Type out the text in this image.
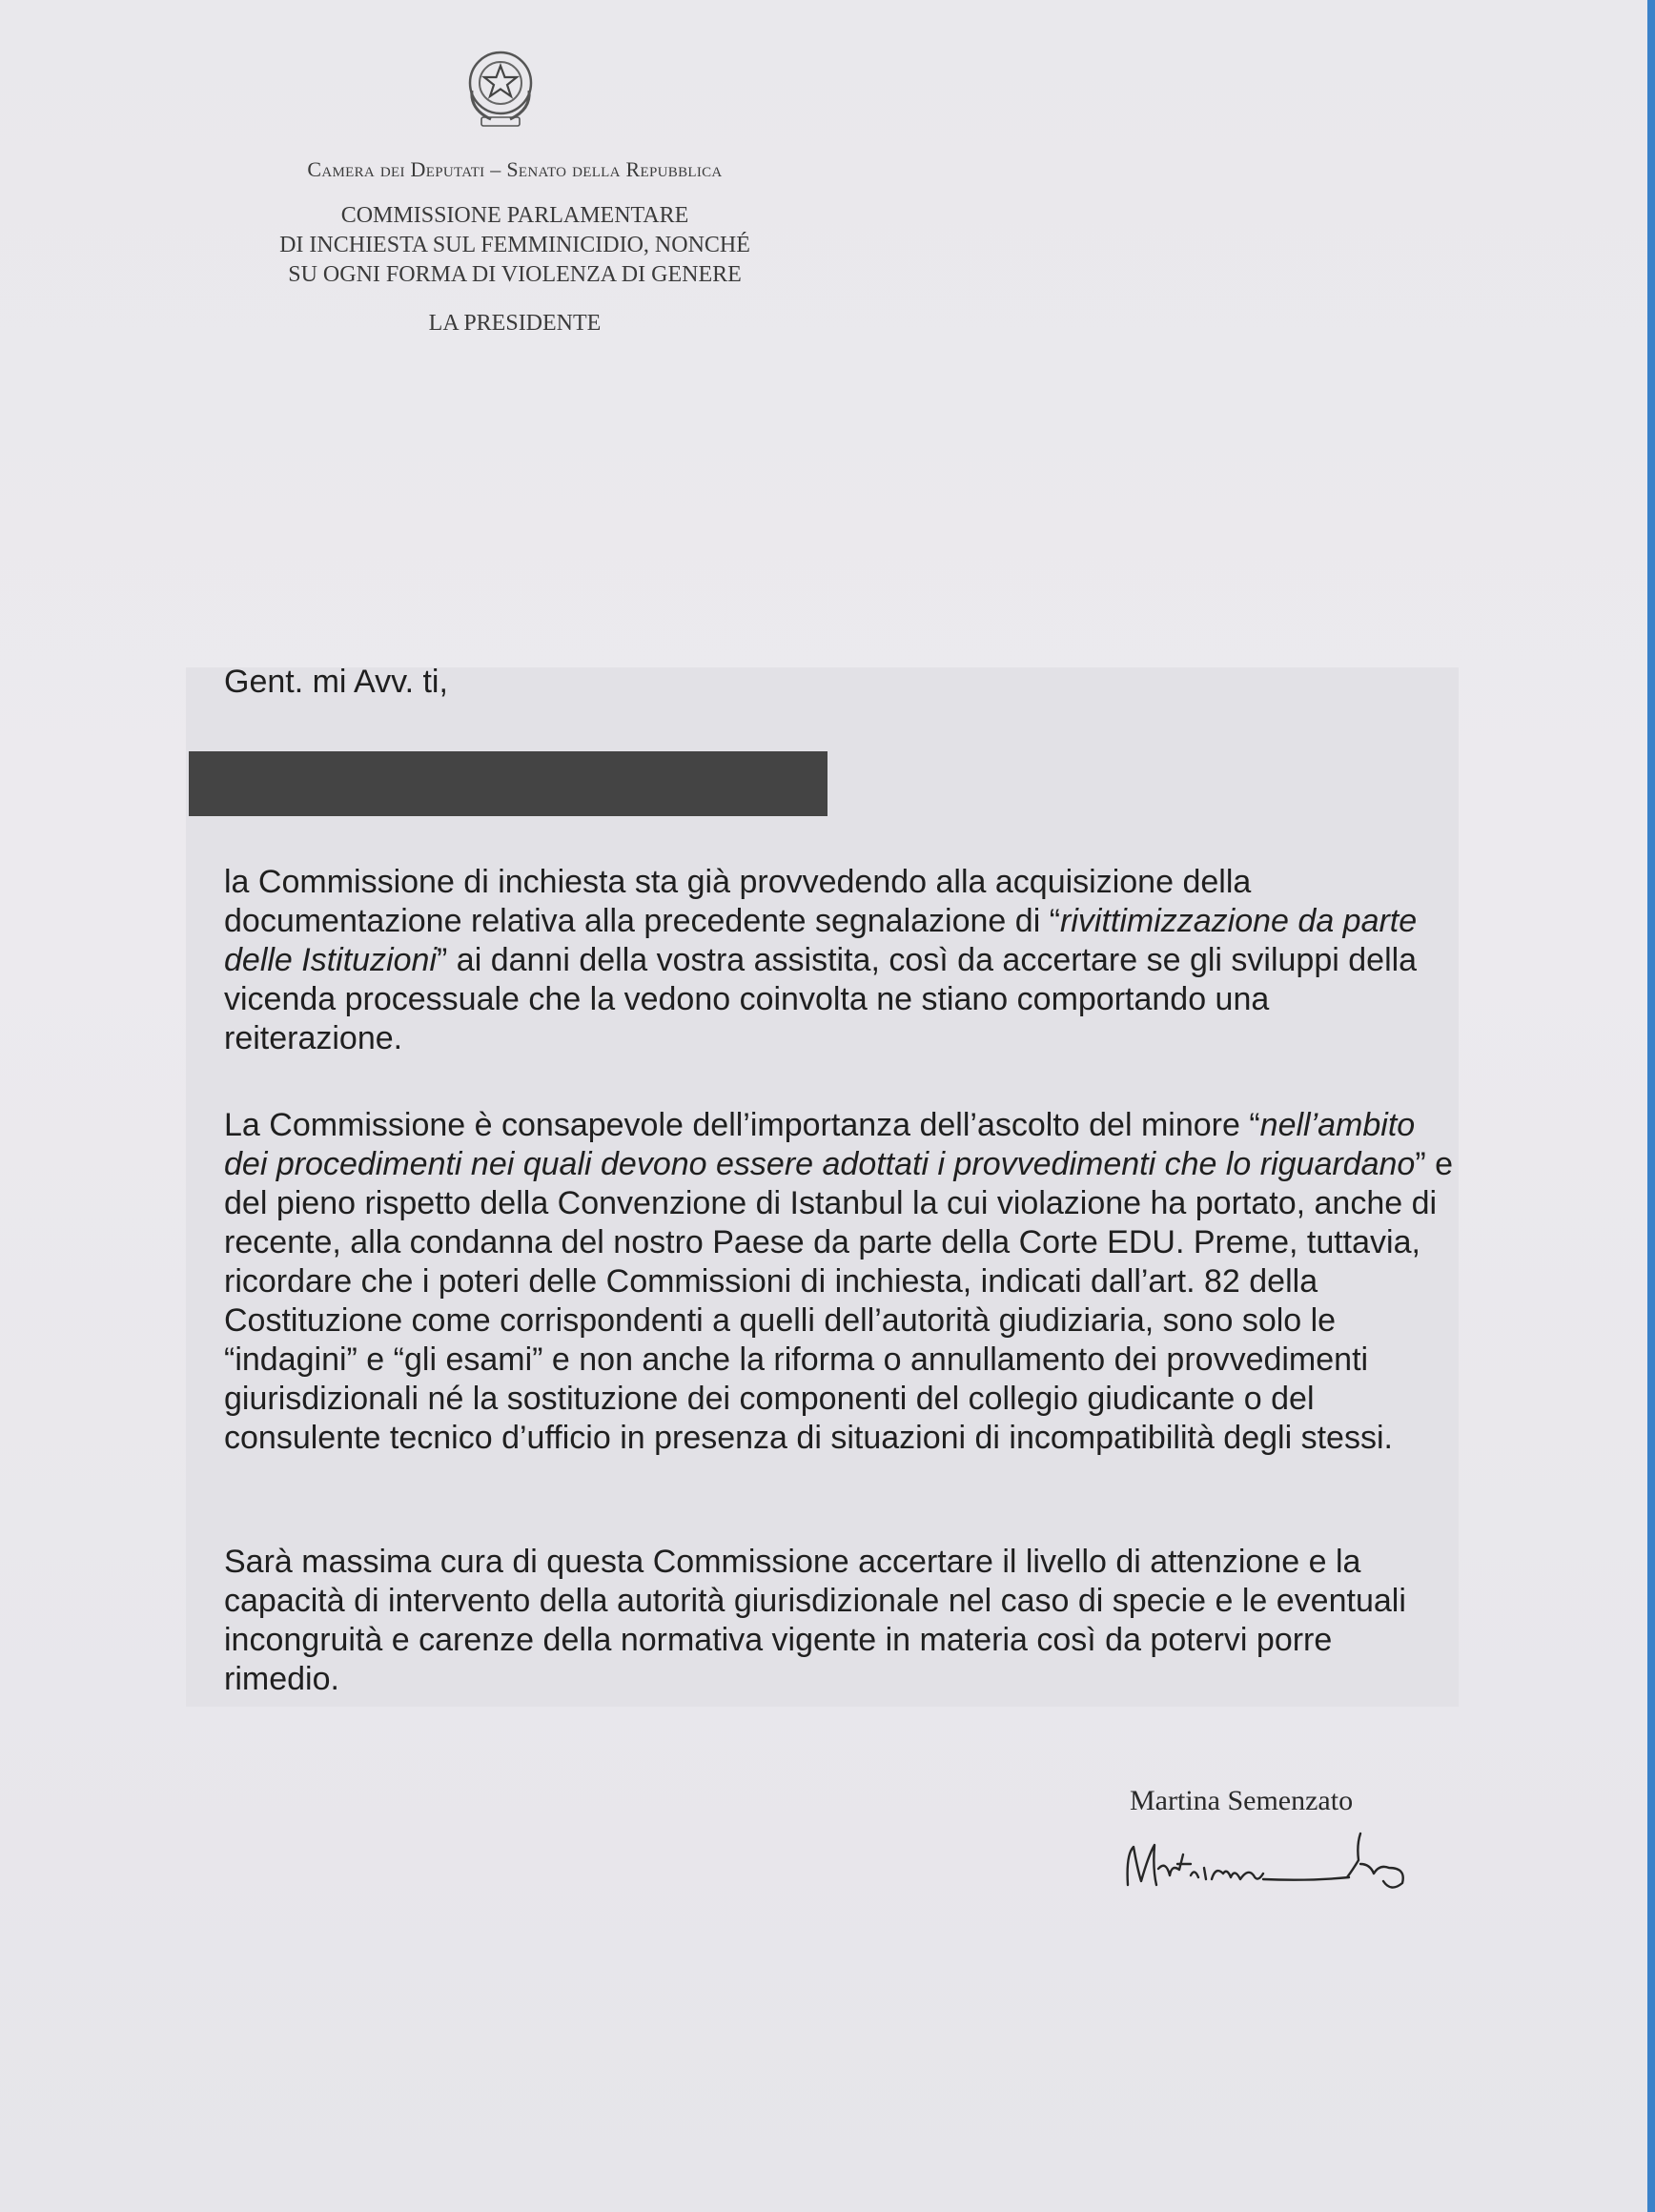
Camera dei Deputati – Senato della Repubblica
COMMISSIONE PARLAMENTARE
DI INCHIESTA SUL FEMMINICIDIO, NONCHÉ
SU OGNI FORMA DI VIOLENZA DI GENERE
LA PRESIDENTE
Gent. mi Avv. ti,

la Commissione di inchiesta sta già provvedendo alla acquisizione della documentazione relativa alla precedente segnalazione di “rivittimizzazione da parte delle Istituzioni” ai danni della vostra assistita, così da accertare se gli sviluppi della vicenda processuale che la vedono coinvolta ne stiano comportando una reiterazione.

La Commissione è consapevole dell’importanza dell’ascolto del minore “nell’ambito dei procedimenti nei quali devono essere adottati i provvedimenti che lo riguardano” e del pieno rispetto della Convenzione di Istanbul la cui violazione ha portato, anche di recente, alla condanna del nostro Paese da parte della Corte EDU. Preme, tuttavia, ricordare che i poteri delle Commissioni di inchiesta, indicati dall’art. 82 della Costituzione come corrispondenti a quelli dell’autorità giudiziaria, sono solo le “indagini” e “gli esami” e non anche la riforma o annullamento dei provvedimenti giurisdizionali né la sostituzione dei componenti del collegio giudicante o del consulente tecnico d’ufficio in presenza di situazioni di incompatibilità degli stessi.

Sarà massima cura di questa Commissione accertare il livello di attenzione e la capacità di intervento della autorità giurisdizionale nel caso di specie e le eventuali incongruità e carenze della normativa vigente in materia così da potervi porre rimedio.
Martina Semenzato
